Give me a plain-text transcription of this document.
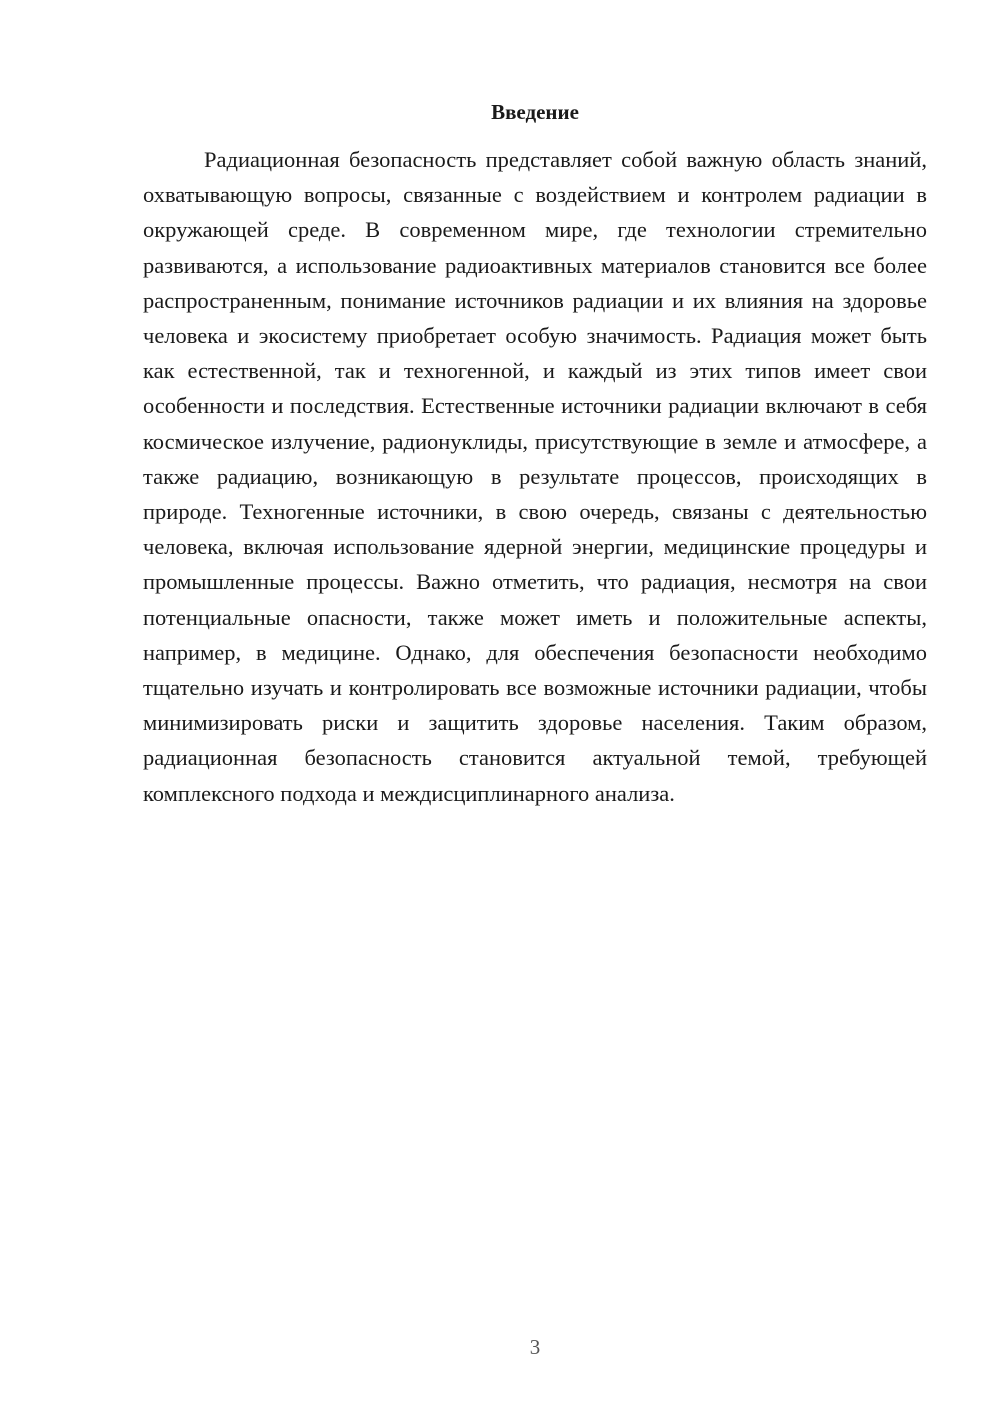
Введение

Радиационная безопасность представляет собой важную область знаний, охватывающую вопросы, связанные с воздействием и контролем радиации в окружающей среде. В современном мире, где технологии стремительно развиваются, а использование радиоактивных материалов становится все более распространенным, понимание источников радиации и их влияния на здоровье человека и экосистему приобретает особую значимость. Радиация может быть как естественной, так и техногенной, и каждый из этих типов имеет свои особенности и последствия. Естественные источники радиации включают в себя космическое излучение, радионуклиды, присутствующие в земле и атмосфере, а также радиацию, возникающую в результате процессов, происходящих в природе. Техногенные источники, в свою очередь, связаны с деятельностью человека, включая использование ядерной энергии, медицинские процедуры и промышленные процессы. Важно отметить, что радиация, несмотря на свои потенциальные опасности, также может иметь и положительные аспекты, например, в медицине. Однако, для обеспечения безопасности необходимо тщательно изучать и контролировать все возможные источники радиации, чтобы минимизировать риски и защитить здоровье населения. Таким образом, радиационная безопасность становится актуальной темой, требующей комплексного подхода и междисциплинарного анализа.

3
